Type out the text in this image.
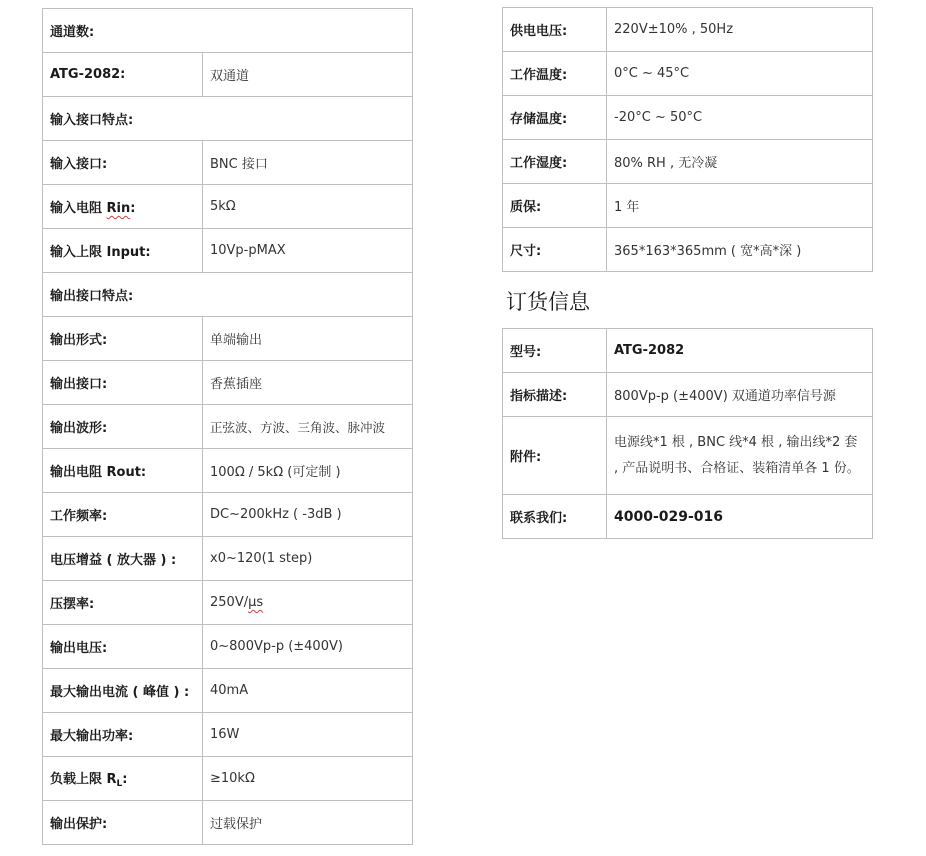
通道数:	
ATG-2082:	双通道
输入接口特点:	
输入接口:	BNC 接口
输入电阻 Rin:	5kΩ
输入上限 Input:	10Vp-pMAX
输出接口特点:	
输出形式:	单端输出
输出接口:	香蕉插座
输出波形:	正弦波、方波、三角波、脉冲波
输出电阻 Rout:	100Ω / 5kΩ (可定制 )
工作频率:	DC~200kHz ( -3dB )
电压增益 ( 放大器 ) :	x0~120(1 step)
压摆率:	250V/μs
输出电压:	0~800Vp-p (±400V)
最大输出电流 ( 峰值 ) :	40mA
最大输出功率:	16W
负载上限 $R_L$:	≥10kΩ
输出保护:	过载保护
供电电压:	220V±10% , 50Hz
工作温度:	0°C ~ 45°C
存储温度:	-20°C ~ 50°C
工作湿度:	80% RH , 无冷凝
质保:	1 年
尺寸:	365*163*365mm ( 宽*高*深 )
订货信息
型号:	ATG-2082
指标描述:	800Vp-p (±400V) 双通道功率信号源
附件:	电源线*1 根 , BNC 线*4 根 , 输出线*2 套 , 产品说明书、合格证、装箱清单各 1 份。
联系我们:	4000-029-016
